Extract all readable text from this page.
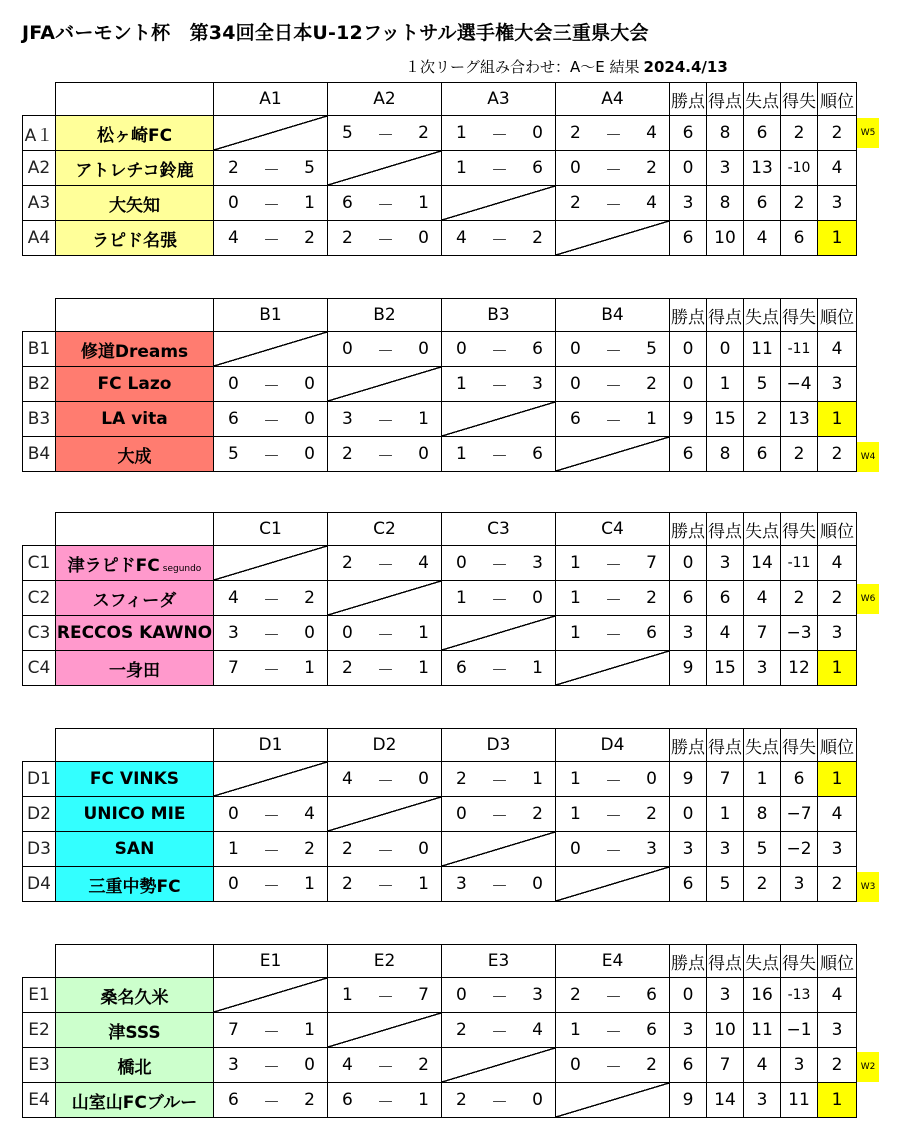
JFAバーモント杯　第34回全日本U-12フットサル選手権大会三重県大会
１次リーグ組み合わせ：A～E 結果 2024.4/13
		A1	A2	A3	A4	勝点	得点	失点	得失	順位
A１	松ヶ崎FC		5 － 2	1 － 0	2 － 4	6	8	6	2	2
A2	アトレチコ鈴鹿	2 － 5		1 － 6	0 － 2	0	3	13	-10	4
A3	大矢知	0 － 1	6 － 1		2 － 4	3	8	6	2	3
A4	ラピド名張	4 － 2	2 － 0	4 － 2		6	10	4	6	1
W5
		B1	B2	B3	B4	勝点	得点	失点	得失	順位
B1	修道Dreams		0 － 0	0 － 6	0 － 5	0	0	11	-11	4
B2	FC Lazo	0 － 0		1 － 3	0 － 2	0	1	5	−4	3
B3	LA vita	6 － 0	3 － 1		6 － 1	9	15	2	13	1
B4	大成	5 － 0	2 － 0	1 － 6		6	8	6	2	2	W4
		C1	C2	C3	C4	勝点	得点	失点	得失	順位
C1	津ラピドFC segundo		2 － 4	0 － 3	1 － 7	0	3	14	-11	4
C2	スフィーダ	4 － 2		1 － 0	1 － 2	6	6	4	2	2
C3	RECCOS KAWNO	3 － 0	0 － 1		1 － 6	3	4	7	−3	3
C4	一身田	7 － 1	2 － 1	6 － 1		9	15	3	12	1
W6
		D1	D2	D3	D4	勝点	得点	失点	得失	順位
D1	FC VINKS		4 － 0	2 － 1	1 － 0	9	7	1	6	1
D2	UNICO MIE	0 － 4		0 － 2	1 － 2	0	1	8	−7	4
D3	SAN	1 － 2	2 － 0		0 － 3	3	3	5	−2	3
D4	三重中勢FC	0 － 1	2 － 1	3 － 0		6	5	2	3	2	W3
		E1	E2	E3	E4	勝点	得点	失点	得失	順位
E1	桑名久米		1 － 7	0 － 3	2 － 6	0	3	16	-13	4
E2	津SSS	7 － 1		2 － 4	1 － 6	3	10	11	−1	3
E3	橋北	3 － 0	4 － 2		0 － 2	6	7	4	3	2
E4	山室山FCブルー	6 － 2	6 － 1	2 － 0		9	14	3	11	1
W2
